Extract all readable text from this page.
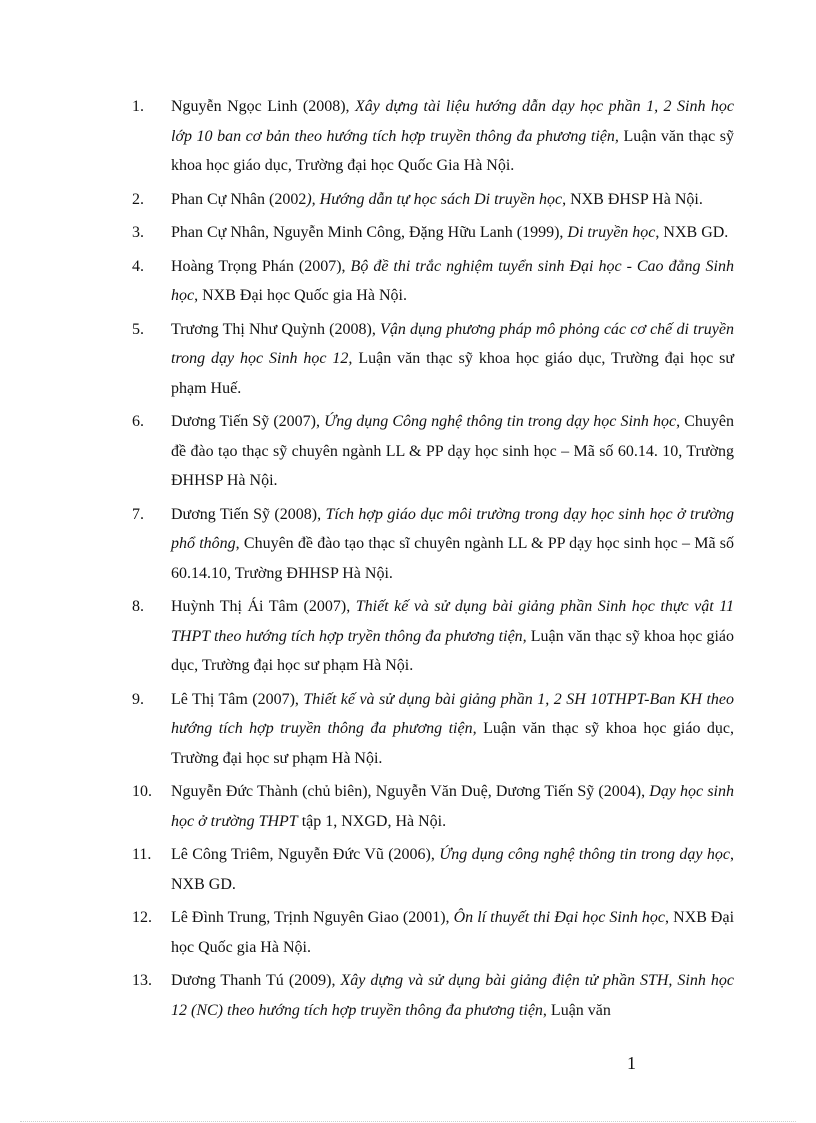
1. Nguyễn Ngọc Linh (2008), Xây dựng tài liệu hướng dẫn dạy học phần 1, 2 Sinh học lớp 10 ban cơ bản theo hướng tích hợp truyền thông đa phương tiện, Luận văn thạc sỹ khoa học giáo dục, Trường đại học Quốc Gia Hà Nội.
2. Phan Cự Nhân (2002), Hướng dẫn tự học sách Di truyền học, NXB ĐHSP Hà Nội.
3. Phan Cự Nhân, Nguyễn Minh Công, Đặng Hữu Lanh (1999), Di truyền học, NXB GD.
4. Hoàng Trọng Phán (2007), Bộ đề thi trắc nghiệm tuyển sinh Đại học - Cao đẳng Sinh học, NXB Đại học Quốc gia Hà Nội.
5. Trương Thị Như Quỳnh (2008), Vận dụng phương pháp mô phỏng các cơ chế di truyền trong dạy học Sinh học 12, Luận văn thạc sỹ khoa học giáo dục, Trường đại học sư phạm Huế.
6. Dương Tiến Sỹ (2007), Ứng dụng Công nghệ thông tin trong dạy học Sinh học, Chuyên đề đào tạo thạc sỹ chuyên ngành LL & PP dạy học sinh học – Mã số 60.14. 10, Trường ĐHHSP Hà Nội.
7. Dương Tiến Sỹ (2008), Tích hợp giáo dục môi trường trong dạy học sinh học ở trường phổ thông, Chuyên đề đào tạo thạc sĩ chuyên ngành LL & PP dạy học sinh học – Mã số 60.14.10, Trường ĐHHSP Hà Nội.
8. Huỳnh Thị Ái Tâm (2007), Thiết kế và sử dụng bài giảng phần Sinh học thực vật 11 THPT theo hướng tích hợp tryền thông đa phương tiện, Luận văn thạc sỹ khoa học giáo dục, Trường đại học sư phạm Hà Nội.
9. Lê Thị Tâm (2007), Thiết kế và sử dụng bài giảng phần 1, 2 SH 10THPT-Ban KH theo hướng tích hợp truyền thông đa phương tiện, Luận văn thạc sỹ khoa học giáo dục, Trường đại học sư phạm Hà Nội.
10. Nguyễn Đức Thành (chủ biên), Nguyễn Văn Duệ, Dương Tiến Sỹ (2004), Dạy học sinh học ở trường THPT tập 1, NXGD, Hà Nội.
11. Lê Công Triêm, Nguyễn Đức Vũ (2006), Ứng dụng công nghệ thông tin trong dạy học, NXB GD.
12. Lê Đình Trung, Trịnh Nguyên Giao (2001), Ôn lí thuyết thi Đại học Sinh học, NXB Đại học Quốc gia Hà Nội.
13. Dương Thanh Tú (2009), Xây dựng và sử dụng bài giảng điện tử phần STH, Sinh học 12 (NC) theo hướng tích hợp truyền thông đa phương tiện, Luận văn
1
